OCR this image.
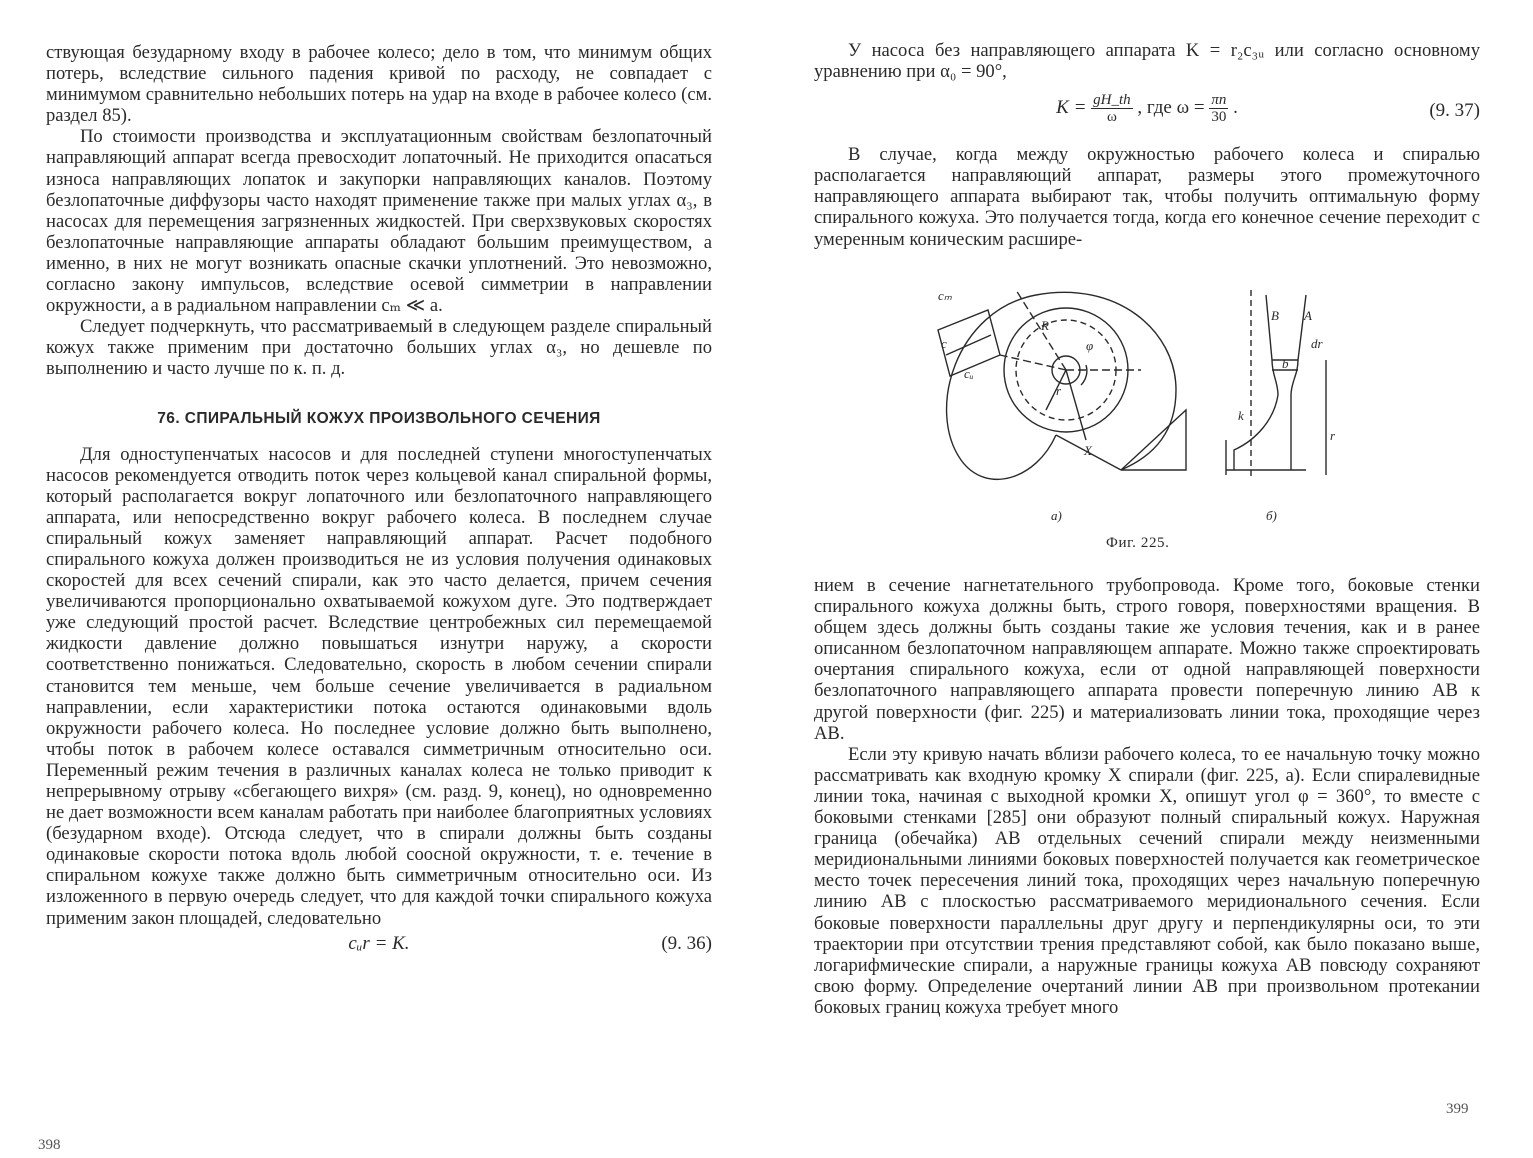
ствующая безударному входу в рабочее колесо; дело в том, что минимум общих потерь, вследствие сильного падения кривой по расходу, не совпадает с минимумом сравнительно небольших потерь на удар на входе в рабочее колесо (см. раздел 85).

По стоимости производства и эксплуатационным свойствам безлопаточный направляющий аппарат всегда превосходит лопаточный. Не приходится опасаться износа направляющих лопаток и закупорки направляющих каналов. Поэтому безлопаточные диффузоры часто находят применение также при малых углах α₃, в насосах для перемещения загрязненных жидкостей. При сверхзвуковых скоростях безлопаточные направляющие аппараты обладают большим преимуществом, а именно, в них не могут возникать опасные скачки уплотнений. Это невозможно, согласно закону импульсов, вследствие осевой симметрии в направлении окружности, а в радиальном направлении cₘ ≪ a.

Следует подчеркнуть, что рассматриваемый в следующем разделе спиральный кожух также применим при достаточно больших углах α₃, но дешевле по выполнению и часто лучше по к. п. д.

76. СПИРАЛЬНЫЙ КОЖУХ ПРОИЗВОЛЬНОГО СЕЧЕНИЯ

Для одноступенчатых насосов и для последней ступени многоступенчатых насосов рекомендуется отводить поток через кольцевой канал спиральной формы, который располагается вокруг лопаточного или безлопаточного направляющего аппарата, или непосредственно вокруг рабочего колеса. В последнем случае спиральный кожух заменяет направляющий аппарат. Расчет подобного спирального кожуха должен производиться не из условия получения одинаковых скоростей для всех сечений спирали, как это часто делается, причем сечения увеличиваются пропорционально охватываемой кожухом дуге. Это подтверждает уже следующий простой расчет. Вследствие центробежных сил перемещаемой жидкости давление должно повышаться изнутри наружу, а скорости соответственно понижаться. Следовательно, скорость в любом сечении спирали становится тем меньше, чем больше сечение увеличивается в радиальном направлении, если характеристики потока остаются одинаковыми вдоль окружности рабочего колеса. Но последнее условие должно быть выполнено, чтобы поток в рабочем колесе оставался симметричным относительно оси. Переменный режим течения в различных каналах колеса не только приводит к непрерывному отрыву «сбегающего вихря» (см. разд. 9, конец), но одновременно не дает возможности всем каналам работать при наиболее благоприятных условиях (безударном входе). Отсюда следует, что в спирали должны быть созданы одинаковые скорости потока вдоль любой соосной окружности, т. е. течение в спиральном кожухе также должно быть симметричным относительно оси. Из изложенного в первую очередь следует, что для каждой точки спирального кожуха применим закон площадей, следовательно

cᵤr = K.	(9. 36)
398

У насоса без направляющего аппарата K = r₂c₃ᵤ или согласно основному уравнению при α₀ = 90°,

$K = \frac{gH\_th}{\omega}$ , где $\omega = \frac{\pi n}{30}$ .	(9. 37)

В случае, когда между окружностью рабочего колеса и спиралью располагается направляющий аппарат, размеры этого промежуточного направляющего аппарата выбирают так, чтобы получить оптимальную форму спирального кожуха. Это получается тогда, когда его конечное сечение переходит с умеренным коническим расшире-

cₘ
c
cᵤ
R
φ
r
X
B A
b
dr
k
r
a)	б)
Фиг. 225.

нием в сечение нагнетательного трубопровода. Кроме того, боковые стенки спирального кожуха должны быть, строго говоря, поверхностями вращения. В общем здесь должны быть созданы такие же условия течения, как и в ранее описанном безлопаточном направляющем аппарате. Можно также спроектировать очертания спирального кожуха, если от одной направляющей поверхности безлопаточного направляющего аппарата провести поперечную линию AB к другой поверхности (фиг. 225) и материализовать линии тока, проходящие через AB.

Если эту кривую начать вблизи рабочего колеса, то ее начальную точку можно рассматривать как входную кромку X спирали (фиг. 225, a). Если спиралевидные линии тока, начиная с выходной кромки X, опишут угол φ = 360°, то вместе с боковыми стенками [285] они образуют полный спиральный кожух. Наружная граница (обечайка) AB отдельных сечений спирали между неизменными меридиональными линиями боковых поверхностей получается как геометрическое место точек пересечения линий тока, проходящих через начальную поперечную линию AB с плоскостью рассматриваемого меридионального сечения. Если боковые поверхности параллельны друг другу и перпендикулярны оси, то эти траектории при отсутствии трения представляют собой, как было показано выше, логарифмические спирали, а наружные границы кожуха AB повсюду сохраняют свою форму. Определение очертаний линии AB при произвольном протекании боковых границ кожуха требует много

399
